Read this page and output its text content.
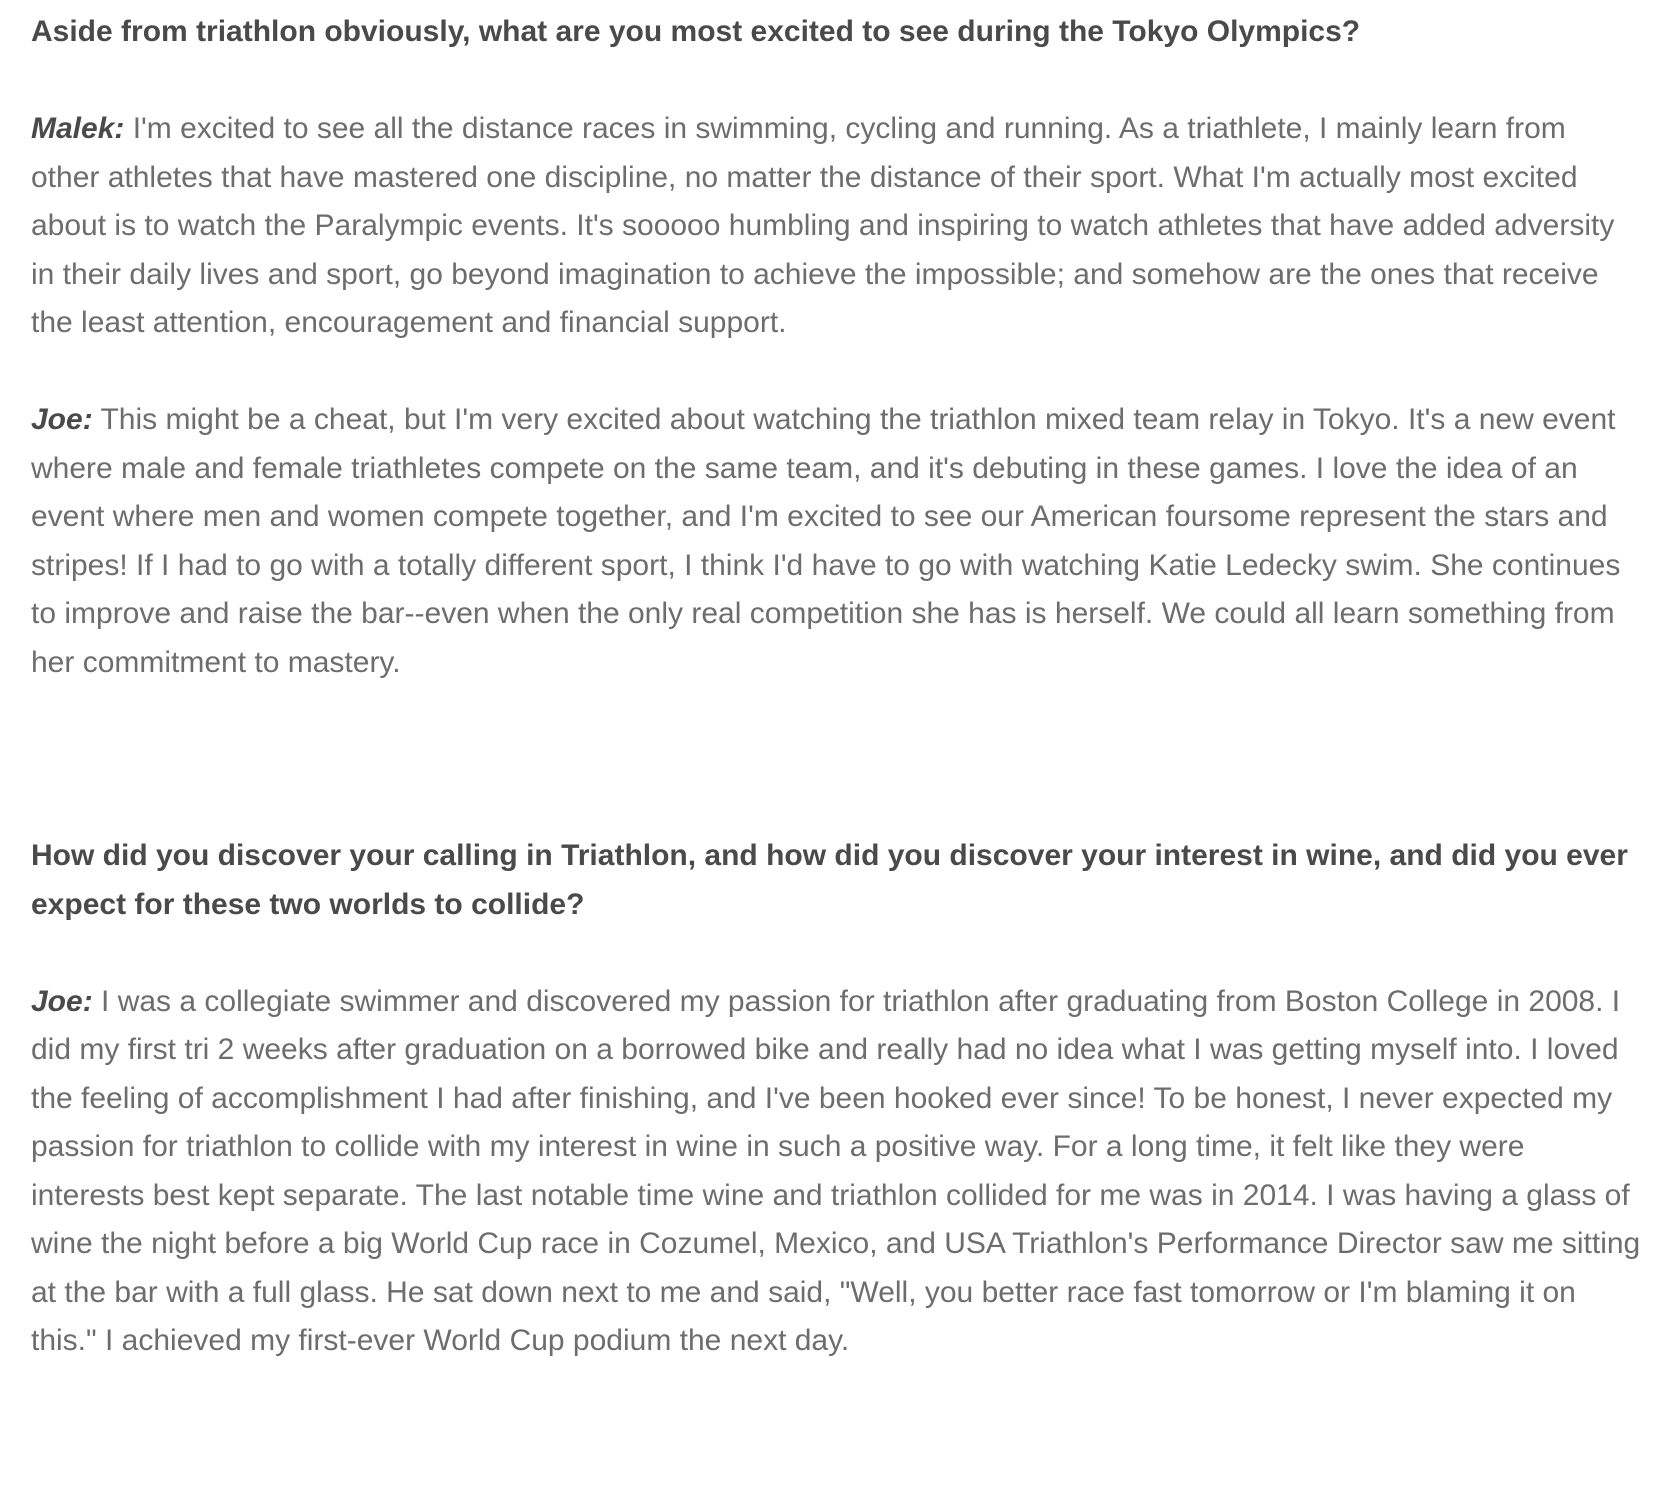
Aside from triathlon obviously, what are you most excited to see during the Tokyo Olympics?

Malek: I'm excited to see all the distance races in swimming, cycling and running. As a triathlete, I mainly learn from other athletes that have mastered one discipline, no matter the distance of their sport. What I'm actually most excited about is to watch the Paralympic events. It's sooooo humbling and inspiring to watch athletes that have added adversity in their daily lives and sport, go beyond imagination to achieve the impossible; and somehow are the ones that receive the least attention, encouragement and financial support.

Joe: This might be a cheat, but I'm very excited about watching the triathlon mixed team relay in Tokyo. It's a new event where male and female triathletes compete on the same team, and it's debuting in these games. I love the idea of an event where men and women compete together, and I'm excited to see our American foursome represent the stars and stripes! If I had to go with a totally different sport, I think I'd have to go with watching Katie Ledecky swim. She continues to improve and raise the bar--even when the only real competition she has is herself. We could all learn something from her commitment to mastery.

How did you discover your calling in Triathlon, and how did you discover your interest in wine, and did you ever expect for these two worlds to collide?

Joe: I was a collegiate swimmer and discovered my passion for triathlon after graduating from Boston College in 2008. I did my first tri 2 weeks after graduation on a borrowed bike and really had no idea what I was getting myself into. I loved the feeling of accomplishment I had after finishing, and I've been hooked ever since! To be honest, I never expected my passion for triathlon to collide with my interest in wine in such a positive way. For a long time, it felt like they were interests best kept separate. The last notable time wine and triathlon collided for me was in 2014. I was having a glass of wine the night before a big World Cup race in Cozumel, Mexico, and USA Triathlon's Performance Director saw me sitting at the bar with a full glass. He sat down next to me and said, "Well, you better race fast tomorrow or I'm blaming it on this." I achieved my first-ever World Cup podium the next day.
